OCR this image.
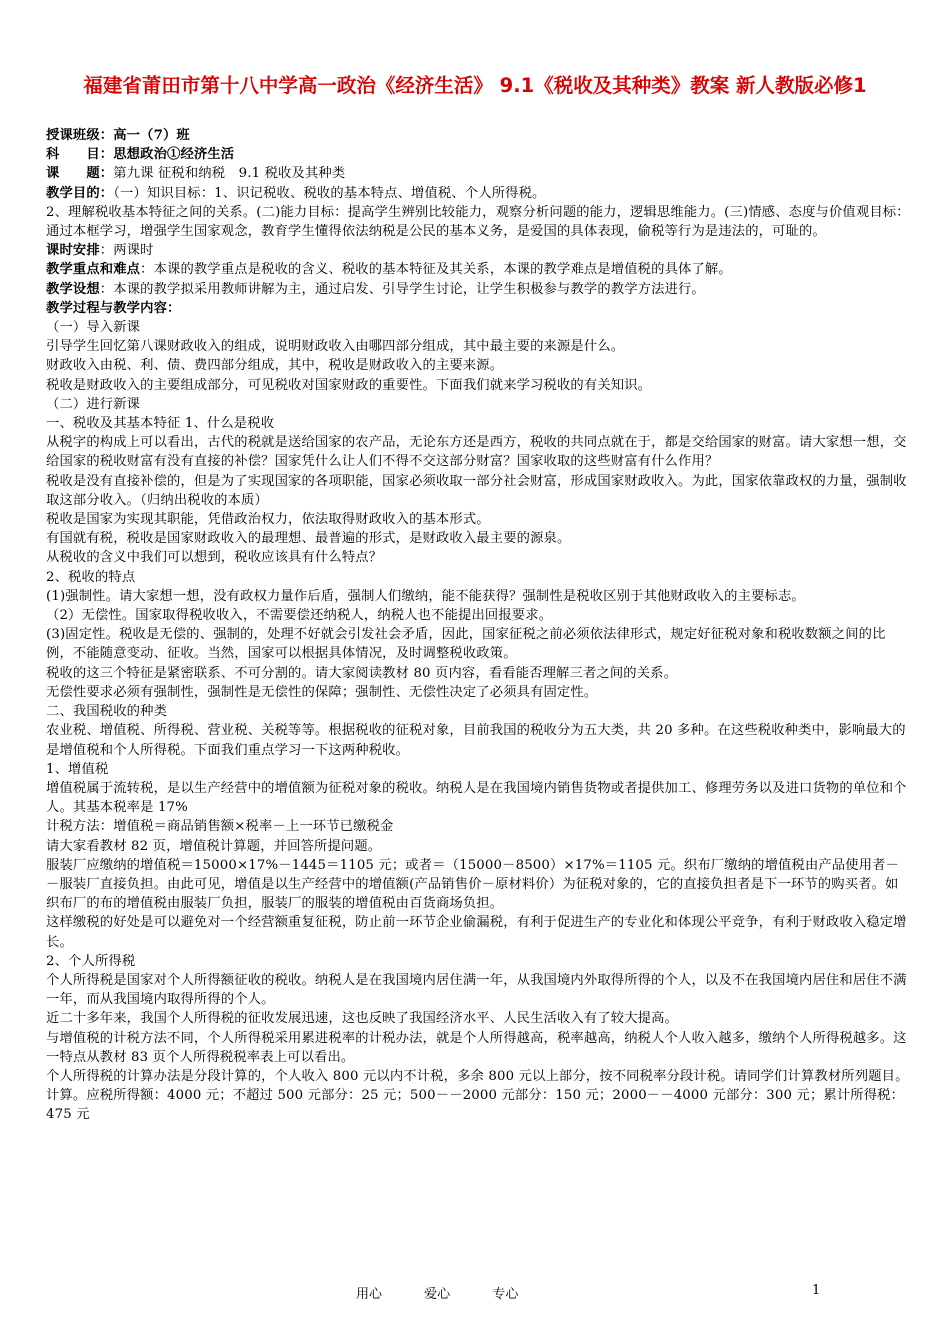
福建省莆田市第十八中学高一政治《经济生活》 9.1《税收及其种类》教案 新人教版必修1

授课班级：高一（7）班

科　　目：思想政治①经济生活

课　　题：第九课 征税和纳税　9.1 税收及其种类

教学目的：（一）知识目标：1、识记税收、税收的基本特点、增值税、个人所得税。

2、理解税收基本特征之间的关系。(二)能力目标：提高学生辨别比较能力，观察分析问题的能力，逻辑思维能力。(三)情感、态度与价值观目标：通过本框学习，增强学生国家观念，教育学生懂得依法纳税是公民的基本义务，是爱国的具体表现，偷税等行为是违法的，可耻的。

课时安排：两课时

教学重点和难点：本课的教学重点是税收的含义、税收的基本特征及其关系，本课的教学难点是增值税的具体了解。

教学设想：本课的教学拟采用教师讲解为主，通过启发、引导学生讨论，让学生积极参与教学的教学方法进行。

教学过程与教学内容：

（一）导入新课

引导学生回忆第八课财政收入的组成，说明财政收入由哪四部分组成，其中最主要的来源是什么。

财政收入由税、利、债、费四部分组成，其中，税收是财政收入的主要来源。

税收是财政收入的主要组成部分，可见税收对国家财政的重要性。下面我们就来学习税收的有关知识。

（二）进行新课

一、税收及其基本特征 1、什么是税收

从税字的构成上可以看出，古代的税就是送给国家的农产品，无论东方还是西方，税收的共同点就在于，都是交给国家的财富。请大家想一想，交给国家的税收财富有没有直接的补偿？国家凭什么让人们不得不交这部分财富？国家收取的这些财富有什么作用？

税收是没有直接补偿的，但是为了实现国家的各项职能，国家必须收取一部分社会财富，形成国家财政收入。为此，国家依靠政权的力量，强制收取这部分收入。（归纳出税收的本质）

税收是国家为实现其职能，凭借政治权力，依法取得财政收入的基本形式。

有国就有税，税收是国家财政收入的最理想、最普遍的形式，是财政收入最主要的源泉。

从税收的含义中我们可以想到，税收应该具有什么特点？

2、税收的特点

(1)强制性。请大家想一想，没有政权力量作后盾，强制人们缴纳，能不能获得？强制性是税收区别于其他财政收入的主要标志。

（2）无偿性。国家取得税收收入，不需要偿还纳税人，纳税人也不能提出回报要求。

(3)固定性。税收是无偿的、强制的，处理不好就会引发社会矛盾，因此，国家征税之前必须依法律形式，规定好征税对象和税收数额之间的比例，不能随意变动、征收。当然，国家可以根据具体情况，及时调整税收政策。

税收的这三个特征是紧密联系、不可分割的。请大家阅读教材 80 页内容，看看能否理解三者之间的关系。

无偿性要求必须有强制性，强制性是无偿性的保障；强制性、无偿性决定了必须具有固定性。

二、我国税收的种类

农业税、增值税、所得税、营业税、关税等等。根据税收的征税对象，目前我国的税收分为五大类，共 20 多种。在这些税收种类中，影响最大的是增值税和个人所得税。下面我们重点学习一下这两种税收。

1、增值税

增值税属于流转税，是以生产经营中的增值额为征税对象的税收。纳税人是在我国境内销售货物或者提供加工、修理劳务以及进口货物的单位和个人。其基本税率是 17%

计税方法：增值税＝商品销售额×税率－上一环节已缴税金

请大家看教材 82 页，增值税计算题，并回答所提问题。

服装厂应缴纳的增值税＝15000×17%－1445＝1105 元；或者＝（15000－8500）×17%＝1105 元。织布厂缴纳的增值税由产品使用者－－服装厂直接负担。由此可见，增值是以生产经营中的增值额(产品销售价－原材料价）为征税对象的，它的直接负担者是下一环节的购买者。如织布厂的布的增值税由服装厂负担，服装厂的服装的增值税由百货商场负担。

这样缴税的好处是可以避免对一个经营额重复征税，防止前一环节企业偷漏税，有利于促进生产的专业化和体现公平竞争，有利于财政收入稳定增长。

2、个人所得税

个人所得税是国家对个人所得额征收的税收。纳税人是在我国境内居住满一年，从我国境内外取得所得的个人，以及不在我国境内居住和居住不满一年，而从我国境内取得所得的个人。

近二十多年来，我国个人所得税的征收发展迅速，这也反映了我国经济水平、人民生活收入有了较大提高。

与增值税的计税方法不同，个人所得税采用累进税率的计税办法，就是个人所得越高，税率越高，纳税人个人收入越多，缴纳个人所得税越多。这一特点从教材 83 页个人所得税税率表上可以看出。

个人所得税的计算办法是分段计算的，个人收入 800 元以内不计税，多余 800 元以上部分，按不同税率分段计税。请同学们计算教材所列题目。

计算。应税所得额：4000 元；不超过 500 元部分：25 元；500－－2000 元部分：150 元；2000－－4000 元部分：300 元；累计所得税：475 元

用心	爱心	专心	1
